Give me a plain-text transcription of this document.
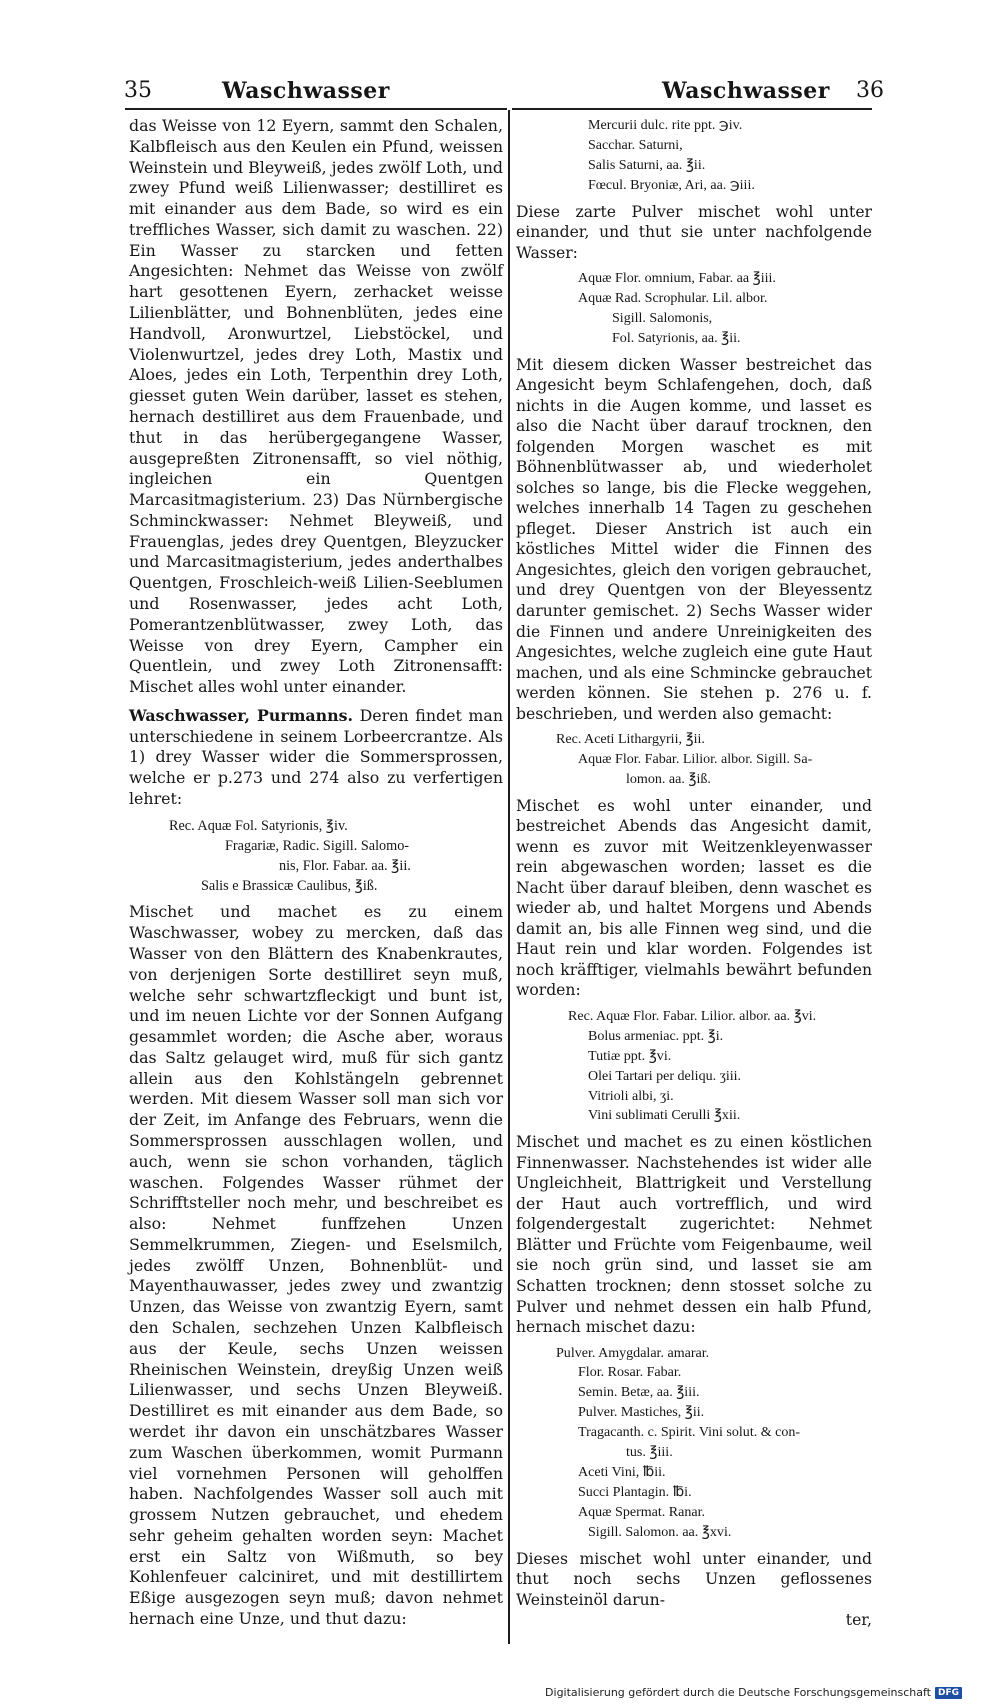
35	Waschwasser	Waschwasser 36

das Weisse von 12 Eyern, sammt den Schalen, Kalbfleisch aus den Keulen ein Pfund, weissen Weinstein und Bleyweiß, jedes zwölf Loth, und zwey Pfund weiß Lilienwasser; destilliret es mit einander aus dem Bade, so wird es ein treffliches Wasser, sich damit zu waschen. 22) Ein Wasser zu starcken und fetten Angesichten: Nehmet das Weisse von zwölf hart gesottenen Eyern, zerhacket weisse Lilienblätter, und Bohnenblüten, jedes eine Handvoll, Aronwurtzel, Liebstöckel, und Violenwurtzel, jedes drey Loth, Mastix und Aloes, jedes ein Loth, Terpenthin drey Loth, giesset guten Wein darüber, lasset es stehen, hernach destilliret aus dem Frauenbade, und thut in das herübergegangene Wasser, ausgepreßten Zitronensafft, so viel nöthig, ingleichen ein Quentgen Marcasitmagisterium. 23) Das Nürnbergische Schminckwasser: Nehmet Bleyweiß, und Frauenglas, jedes drey Quentgen, Bleyzucker und Marcasitmagisterium, jedes anderthalbes Quentgen, Froschleich-weiß Lilien-Seeblumen und Rosenwasser, jedes acht Loth, Pomerantzenblütwasser, zwey Loth, das Weisse von drey Eyern, Campher ein Quentlein, und zwey Loth Zitronensafft: Mischet alles wohl unter einander.

Waschwasser, Purmanns. Deren findet man unterschiedene in seinem Lorbeercrantze. Als 1) drey Wasser wider die Sommersprossen, welche er p.273 und 274 also zu verfertigen lehret:

Rec. Aquæ Fol. Satyrionis, ℥iv.

Fragariæ, Radic. Sigill. Salomo-

nis, Flor. Fabar. aa. ℥ii.

Salis e Brassicæ Caulibus, ℥iß.

Mischet und machet es zu einem Waschwasser, wobey zu mercken, daß das Wasser von den Blättern des Knabenkrautes, von derjenigen Sorte destilliret seyn muß, welche sehr schwartzfleckigt und bunt ist, und im neuen Lichte vor der Sonnen Aufgang gesammlet worden; die Asche aber, woraus das Saltz gelauget wird, muß für sich gantz allein aus den Kohlstängeln gebrennet werden. Mit diesem Wasser soll man sich vor der Zeit, im Anfange des Februars, wenn die Sommersprossen ausschlagen wollen, und auch, wenn sie schon vorhanden, täglich waschen. Folgendes Wasser rühmet der Schrifftsteller noch mehr, und beschreibet es also: Nehmet funffzehen Unzen Semmelkrummen, Ziegen- und Eselsmilch, jedes zwölff Unzen, Bohnenblüt- und Mayenthauwasser, jedes zwey und zwantzig Unzen, das Weisse von zwantzig Eyern, samt den Schalen, sechzehen Unzen Kalbfleisch aus der Keule, sechs Unzen weissen Rheinischen Weinstein, dreyßig Unzen weiß Lilienwasser, und sechs Unzen Bleyweiß. Destilliret es mit einander aus dem Bade, so werdet ihr davon ein unschätzbares Wasser zum Waschen überkommen, womit Purmann viel vornehmen Personen will geholffen haben. Nachfolgendes Wasser soll auch mit grossem Nutzen gebrauchet, und ehedem sehr geheim gehalten worden seyn: Machet erst ein Saltz von Wißmuth, so bey Kohlenfeuer calciniret, und mit destillirtem Eßige ausgezogen seyn muß; davon nehmet hernach eine Unze, und thut dazu:

Mercurii dulc. rite ppt. ℈iv.

Sacchar. Saturni,

Salis Saturni, aa. ℥ii.

Fœcul. Bryoniæ, Ari, aa. ℈iii.

Diese zarte Pulver mischet wohl unter einander, und thut sie unter nachfolgende Wasser:

Aquæ Flor. omnium, Fabar. aa ℥iii.

Aquæ Rad. Scrophular. Lil. albor.

Sigill. Salomonis,

Fol. Satyrionis, aa. ℥ii.

Mit diesem dicken Wasser bestreichet das Angesicht beym Schlafengehen, doch, daß nichts in die Augen komme, und lasset es also die Nacht über darauf trocknen, den folgenden Morgen waschet es mit Böhnenblütwasser ab, und wiederholet solches so lange, bis die Flecke weggehen, welches innerhalb 14 Tagen zu geschehen pfleget. Dieser Anstrich ist auch ein köstliches Mittel wider die Finnen des Angesichtes, gleich den vorigen gebrauchet, und drey Quentgen von der Bleyessentz darunter gemischet. 2) Sechs Wasser wider die Finnen und andere Unreinigkeiten des Angesichtes, welche zugleich eine gute Haut machen, und als eine Schmincke gebrauchet werden können. Sie stehen p. 276 u. f. beschrieben, und werden also gemacht:

Rec. Aceti Lithargyrii, ℥ii.

Aquæ Flor. Fabar. Lilior. albor. Sigill. Sa-

lomon. aa. ℥iß.

Mischet es wohl unter einander, und bestreichet Abends das Angesicht damit, wenn es zuvor mit Weitzenkleyenwasser rein abgewaschen worden; lasset es die Nacht über darauf bleiben, denn waschet es wieder ab, und haltet Morgens und Abends damit an, bis alle Finnen weg sind, und die Haut rein und klar worden. Folgendes ist noch kräfftiger, vielmahls bewährt befunden worden:

Rec. Aquæ Flor. Fabar. Lilior. albor. aa. ℥vi.

Bolus armeniac. ppt. ℥i.

Tutiæ ppt. ℥vi.

Olei Tartari per deliqu. ʒiii.

Vitrioli albi, ʒi.

Vini sublimati Cerulli ℥xii.

Mischet und machet es zu einen köstlichen Finnenwasser. Nachstehendes ist wider alle Ungleichheit, Blattrigkeit und Verstellung der Haut auch vortrefflich, und wird folgendergestalt zugerichtet: Nehmet Blätter und Früchte vom Feigenbaume, weil sie noch grün sind, und lasset sie am Schatten trocknen; denn stosset solche zu Pulver und nehmet dessen ein halb Pfund, hernach mischet dazu:

Pulver. Amygdalar. amarar.

Flor. Rosar. Fabar.

Semin. Betæ, aa. ℥iii.

Pulver. Mastiches, ℥ii.

Tragacanth. c. Spirit. Vini solut. & con-

tus. ℥iii.

Aceti Vini, ℔ii.

Succi Plantagin. ℔i.

Aquæ Spermat. Ranar.

Sigill. Salomon. aa. ℥xvi.

Dieses mischet wohl unter einander, und thut noch sechs Unzen geflossenes Weinsteinöl darun-

ter,

Digitalisierung gefördert durch die Deutsche Forschungsgemeinschaft DFG
